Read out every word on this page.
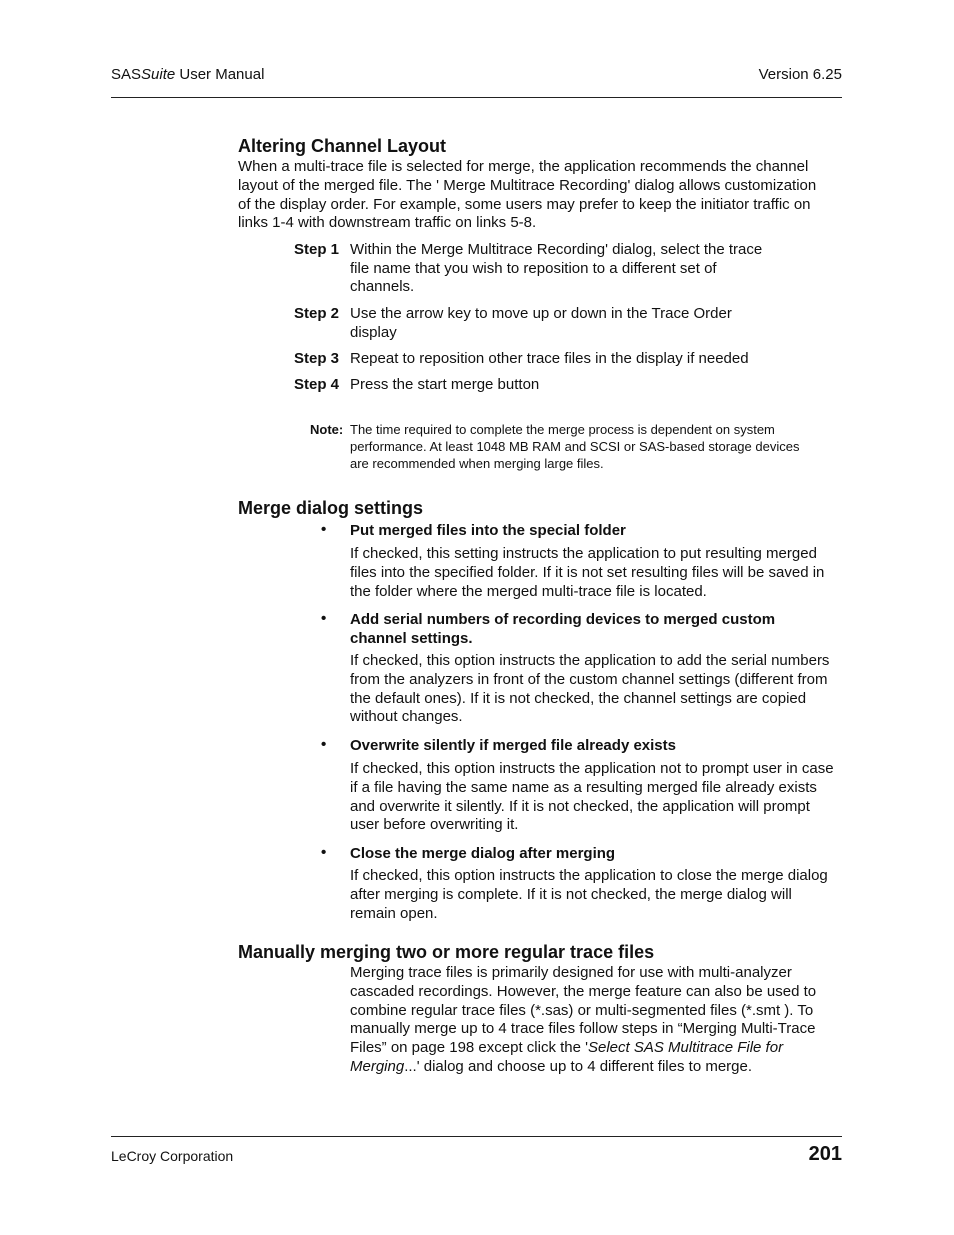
SASSuite User Manual	Version 6.25
Altering Channel Layout
When a multi-trace file is selected for merge, the application recommends the channel
layout of the merged file. The ' Merge Multitrace Recording' dialog allows customization
of the display order. For example, some users may prefer to keep the initiator traffic on
links 1-4 with downstream traffic on links 5-8.
Step 1 Within the Merge Multitrace Recording' dialog, select the trace
file name that you wish to reposition to a different set of
channels.
Step 2 Use the arrow key to move up or down in the Trace Order
display
Step 3 Repeat to reposition other trace files in the display if needed
Step 4 Press the start merge button
Note: The time required to complete the merge process is dependent on system
performance. At least 1048 MB RAM and SCSI or SAS-based storage devices
are recommended when merging large files.
Merge dialog settings
• Put merged files into the special folder
If checked, this setting instructs the application to put resulting merged
files into the specified folder. If it is not set resulting files will be saved in
the folder where the merged multi-trace file is located.
• Add serial numbers of recording devices to merged custom
channel settings.
If checked, this option instructs the application to add the serial numbers
from the analyzers in front of the custom channel settings (different from
the default ones). If it is not checked, the channel settings are copied
without changes.
• Overwrite silently if merged file already exists
If checked, this option instructs the application not to prompt user in case
if a file having the same name as a resulting merged file already exists
and overwrite it silently. If it is not checked, the application will prompt
user before overwriting it.
• Close the merge dialog after merging
If checked, this option instructs the application to close the merge dialog
after merging is complete. If it is not checked, the merge dialog will
remain open.
Manually merging two or more regular trace files
Merging trace files is primarily designed for use with multi-analyzer
cascaded recordings. However, the merge feature can also be used to
combine regular trace files (*.sas) or multi-segmented files (*.smt ). To
manually merge up to 4 trace files follow steps in “Merging Multi-Trace
Files” on page 198 except click the 'Select SAS Multitrace File for
Merging...' dialog and choose up to 4 different files to merge.
LeCroy Corporation	201
